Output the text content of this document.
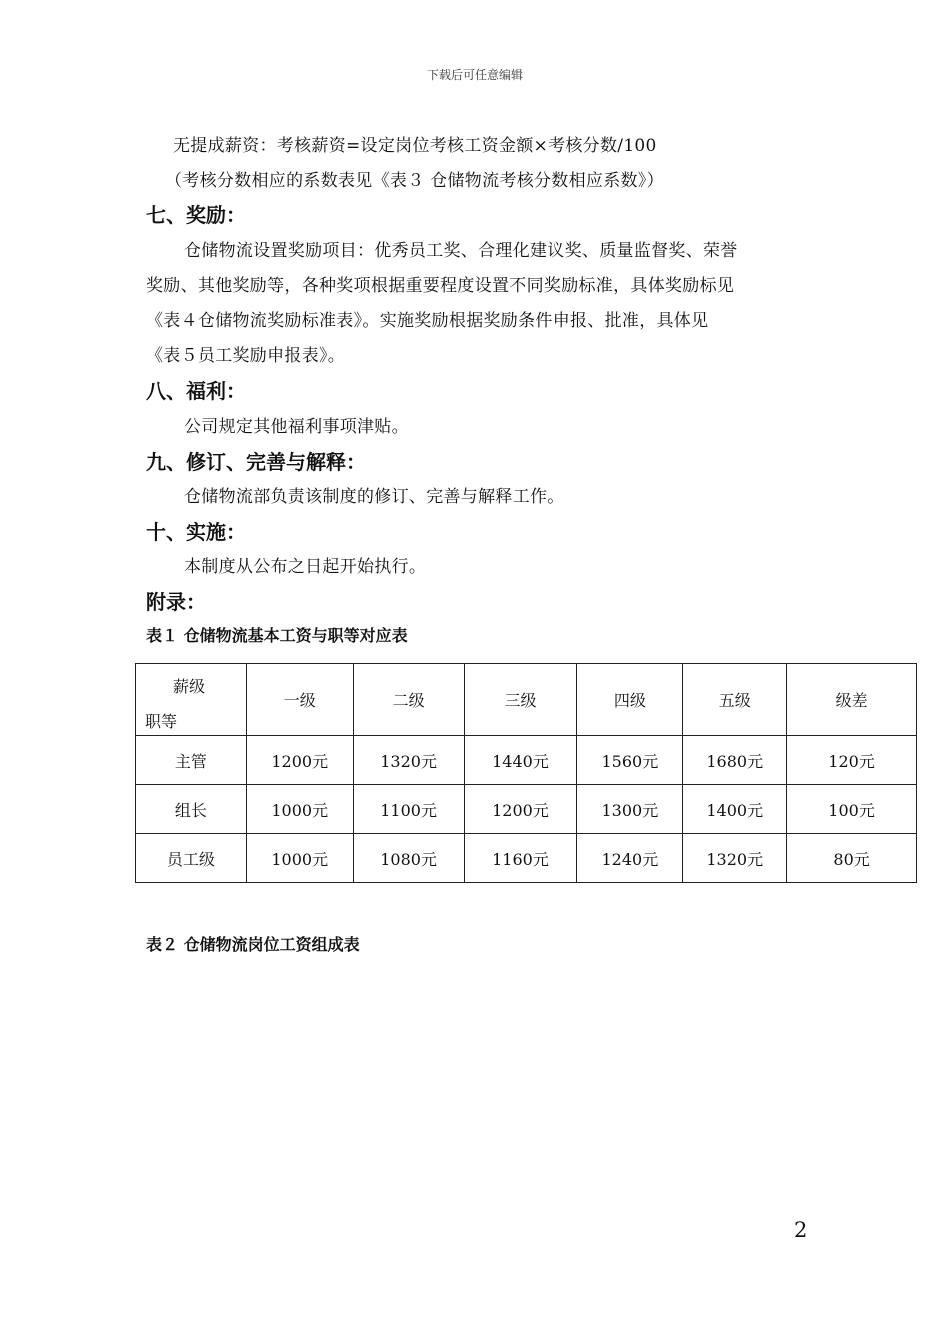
下载后可任意编辑
无提成薪资：考核薪资=设定岗位考核工资金额×考核分数/100
（考核分数相应的系数表见《表３ 仓储物流考核分数相应系数》）
七、奖励：
仓储物流设置奖励项目：优秀员工奖、合理化建议奖、质量监督奖、荣誉
奖励、其他奖励等，各种奖项根据重要程度设置不同奖励标准，具体奖励标见
《表４仓储物流奖励标准表》。实施奖励根据奖励条件申报、批准，具体见
《表５员工奖励申报表》。
八、福利：
公司规定其他福利事项津贴。
九、修订、完善与解释：
仓储物流部负责该制度的修订、完善与解释工作。
十、实施：
本制度从公布之日起开始执行。
附录：
表１ 仓储物流基本工资与职等对应表
薪级
职等	一级	二级	三级	四级	五级	级差
主管	1200元	1320元	1440元	1560元	1680元	120元
组长	1000元	1100元	1200元	1300元	1400元	100元
员工级	1000元	1080元	1160元	1240元	1320元	80元
表２ 仓储物流岗位工资组成表
2
